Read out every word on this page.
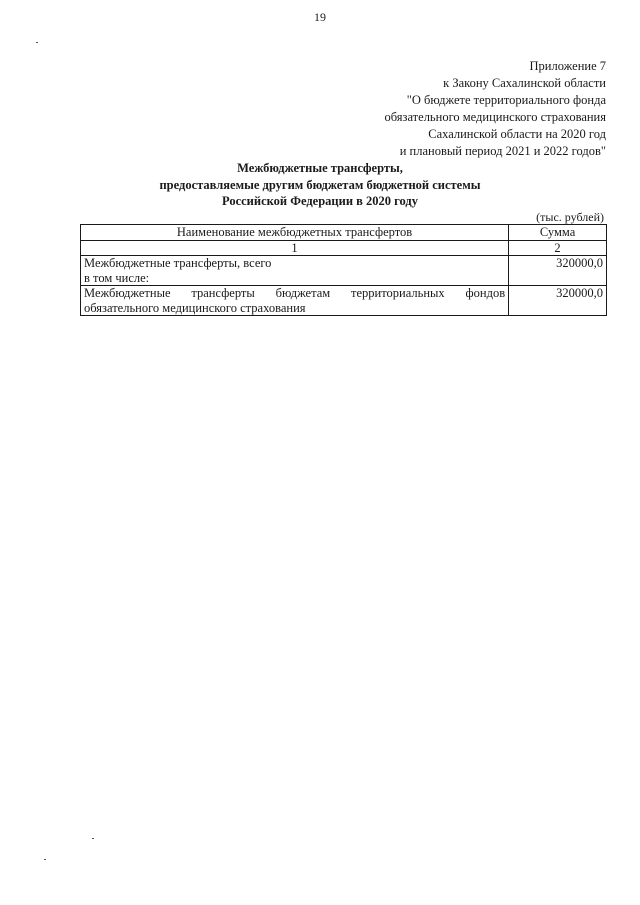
19
Приложение 7
к Закону Сахалинской области
"О бюджете территориального фонда
обязательного медицинского страхования
Сахалинской области на 2020 год
и плановый период 2021 и 2022 годов"
Межбюджетные трансферты,
предоставляемые другим бюджетам бюджетной системы
Российской Федерации в 2020 году
(тыс. рублей)
Наименование межбюджетных трансфертов	Сумма
1	2

Межбюджетные трансферты, всего
в том числе:	320000,0
Межбюджетные трансферты бюджетам территориальных фондов обязательного медицинского страхования	320000,0
